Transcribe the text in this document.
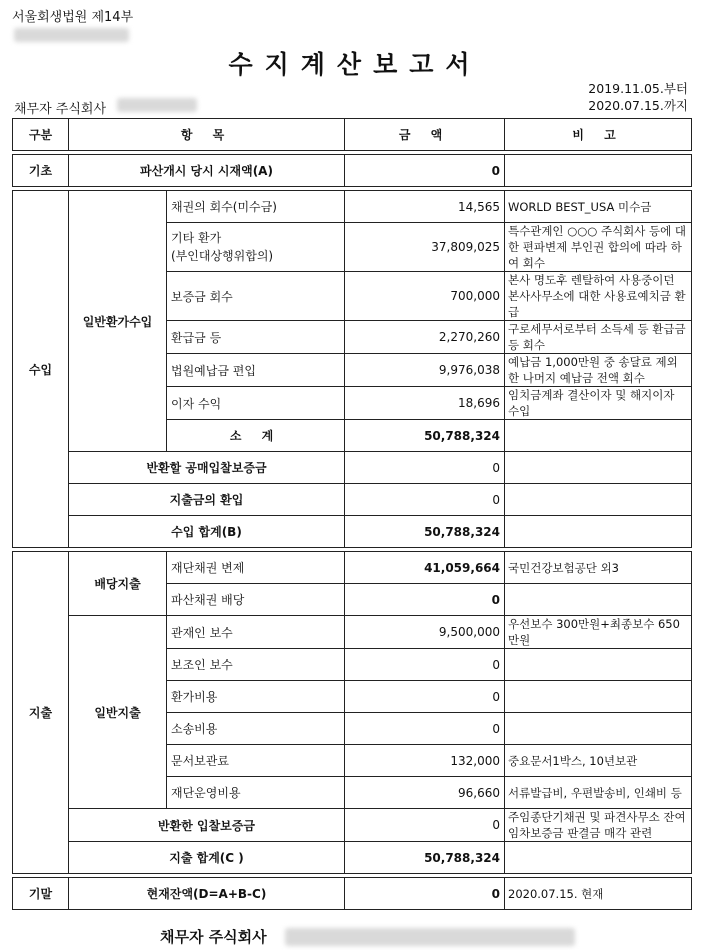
서울회생법원 제14부
수지계산보고서
채무자 주식회사
2019.11.05.부터
2020.07.15.까지
구분	항 목		금 액	비 고

기초	파산개시 당시 시재액(A)		0	

수입	일반환가수입	채권의 회수(미수금)	14,565	WORLD BEST_USA 미수금

		기타 환가
(부인대상행위합의)	37,809,025	특수관계인 ○○○ 주식회사 등에 대한 편파변제 부인권 합의에 따라 하여 회수
		보증금 회수	700,000	본사 명도후 렌탈하여 사용중이던 본사사무소에 대한 사용료예치금 환급
		환급금 등	2,270,260	구로세무서로부터 소득세 등 환급금 등 회수
		법원예납금 편입	9,976,038	예납금 1,000만원 중 송달료 제외한 나머지 예납금 전액 회수
		이자 수익	18,696	임치금계좌 결산이자 및 해지이자 수입
		소 계	50,788,324	
	반환할 공매입찰보증금		0	
	지출금의 환입		0	
	수입 합계(B)		50,788,324	

지출	배당지출	재단채권 변제	41,059,664	국민건강보험공단 외3
		파산채권 배당	0	
	일반지출	관재인 보수	9,500,000	우선보수 300만원+최종보수 650만원
		보조인 보수	0	
		환가비용	0	
		소송비용	0	
		문서보관료	132,000	중요문서1박스, 10년보관
		재단운영비용	96,660	서류발급비, 우편발송비, 인쇄비 등
	반환한 입찰보증금		0	주임종단기채권 및 파견사무소 잔여임차보증금 판결금 매각 관련
	지출 합계(C )		50,788,324	

기말	현재잔액(D=A+B-C)		0	2020.07.15. 현재
채무자 주식회사
